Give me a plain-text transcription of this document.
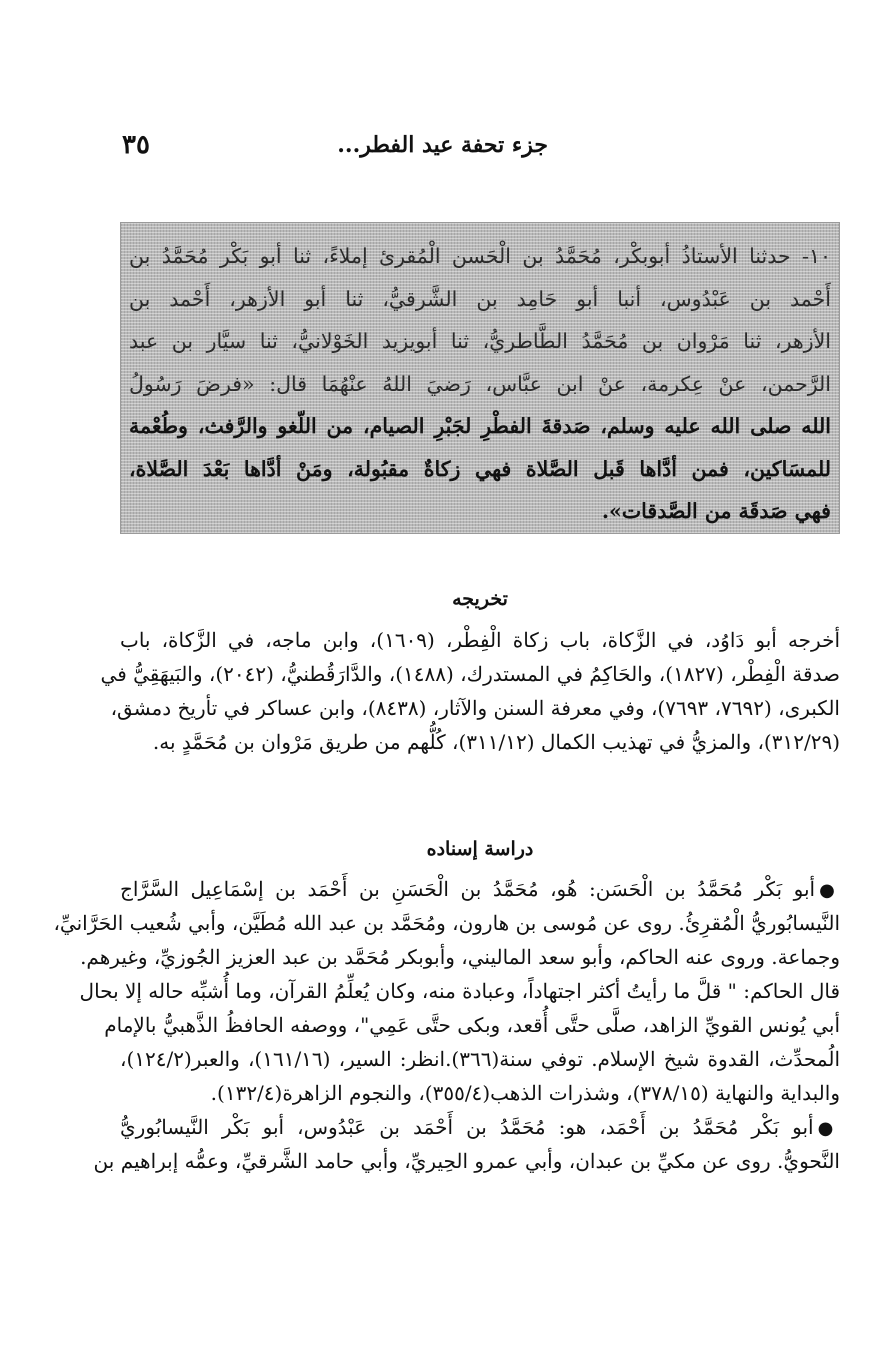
جزء تحفة عيد الفطر...
٣٥
١٠- حدثنا الأستاذُ أبوبكْر، مُحَمَّدُ بن الْحَسن الْمُقرئ إملاءً، ثنا أبو بَكْر مُحَمَّدُ بن
أَحْمد بن عَبْدُوس، أنبا أبو حَامِد بن الشَّرقيُّ، ثنا أبو الأزهر، أَحْمد بن
الأزهر، ثنا مَرْوان بن مُحَمَّدُ الطَّاطريُّ، ثنا أبويزيد الخَوْلانيُّ، ثنا سيَّار بن عبد
الرَّحمن، عنْ عِكرمة، عنْ ابن عبَّاس، رَضيَ اللهُ عنْهُمَا قال: «فرضَ رَسُولُ
الله صلى الله عليه وسلم، صَدقةَ الفطْرِ لجَبْرِ الصيام، من اللّغو والرَّفث، وطُعْمة
للمسَاكين، فمن أدَّاها قَبل الصَّلاة فهي زكاةٌ مقبُولة، ومَنْ أدَّاها بَعْدَ الصَّلاة،
فهي صَدقَة من الصَّدقات».
تخريجه
أخرجه أبو دَاوُد، في الزَّكاة، باب زكاة الْفِطْر، (١٦٠٩)، وابن ماجه، في الزَّكاة، باب
صدقة الْفِطْر، (١٨٢٧)، والحَاكِمُ في المستدرك، (١٤٨٨)، والدَّارَقُطنيُّ، (٢٠٤٢)، والبَيهَقِيُّ في
الكبرى، (٧٦٩٢، ٧٦٩٣)، وفي معرفة السنن والآثار، (٨٤٣٨)، وابن عساكر في تأريخ دمشق،
(٣١٢/٢٩)، والمزيُّ في تهذيب الكمال (٣١١/١٢)، كُلُّهم من طريق مَرْوان بن مُحَمَّدٍ به.
دراسة إسناده
●أبو بَكْر مُحَمَّدُ بن الْحَسَن: هُو، مُحَمَّدُ بن الْحَسَنِ بن أَحْمَد بن إسْمَاعِيل السَّرَّاج
النَّيسابُوريُّ الْمُقرِئُ. روى عن مُوسى بن هارون، ومُحَمَّد بن عبد الله مُطَيَّن، وأبي شُعيب الحَرَّانيِّ،
وجماعة. وروى عنه الحاكم، وأبو سعد الماليني، وأبوبكر مُحَمَّد بن عبد العزيز الجُوزيِّ، وغيرهم.
قال الحاكم: " قلَّ ما رأيتُ أكثر اجتهاداً، وعبادة منه، وكان يُعلِّمُ القرآن، وما أُشبِّه حاله إلا بحال
أبي يُونس القويِّ الزاهد، صلَّى حتَّى أُقعد، وبكى حتَّى عَمِي"، ووصفه الحافظُ الذَّهبيُّ بالإمام
الُمحدِّث، القدوة شيخ الإسلام. توفي سنة(٣٦٦).انظر: السير، (١٦١/١٦)، والعبر(١٢٤/٢)،
والبداية والنهاية (٣٧٨/١٥)، وشذرات الذهب(٣٥٥/٤)، والنجوم الزاهرة(١٣٢/٤).
●أبو بَكْر مُحَمَّدُ بن أَحْمَد، هو: مُحَمَّدُ بن أَحْمَد بن عَبْدُوس، أبو بَكْر النَّيسابُوريُّ
النَّحويُّ. روى عن مكيِّ بن عبدان، وأبي عمرو الحِيريِّ، وأبي حامد الشَّرقيِّ، وعمُّه إبراهيم بن
